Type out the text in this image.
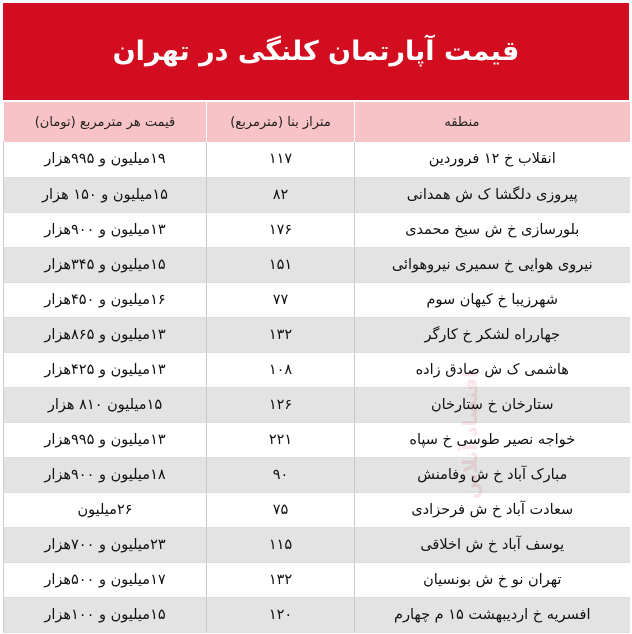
قیمت آپارتمان کلنگی در تهران
منطقه	متراز بنا (مترمربع)	قیمت هر مترمربع (تومان)
انقلاب خ ۱۲ فروردین	۱۱۷	۱۹میلیون و ۹۹۵هزار
پیروزی دلگشا ک ش همدانی	۸۲	۱۵میلیون و ۱۵۰ هزار
بلورسازی خ ش سیخ محمدی	۱۷۶	۱۳میلیون و ۹۰۰هزار
نیروی هوایی خ سمیری نیروهوائی	۱۵۱	۱۵میلیون و ۳۴۵هزار
شهرزیبا خ کیهان سوم	۷۷	۱۶میلیون و ۴۵۰هزار
جهارراه لشکر خ کارگر	۱۳۲	۱۳میلیون و ۸۶۵هزار
هاشمی ک ش صادق زاده	۱۰۸	۱۳میلیون و ۴۲۵هزار
ستارخان خ ستارخان	۱۲۶	۱۵میلیون ۸۱۰ هزار
خواجه نصیر طوسی خ سپاه	۲۲۱	۱۳میلیون و ۹۹۵هزار
مبارک آباد خ ش وفامنش	۹۰	۱۸میلیون و ۹۰۰هزار
سعادت آباد خ ش فرحزادی	۷۵	۲۶میلیون
یوسف آباد خ ش اخلاقی	۱۱۵	۲۳میلیون و ۷۰۰هزار
تهران نو خ ش بونسیان	۱۳۲	۱۷میلیون و ۵۰۰هزار
افسریه خ اردیبهشت ۱۵ م چهارم	۱۲۰	۱۵میلیون و ۱۰۰هزار
اقتصاد آنلاین
